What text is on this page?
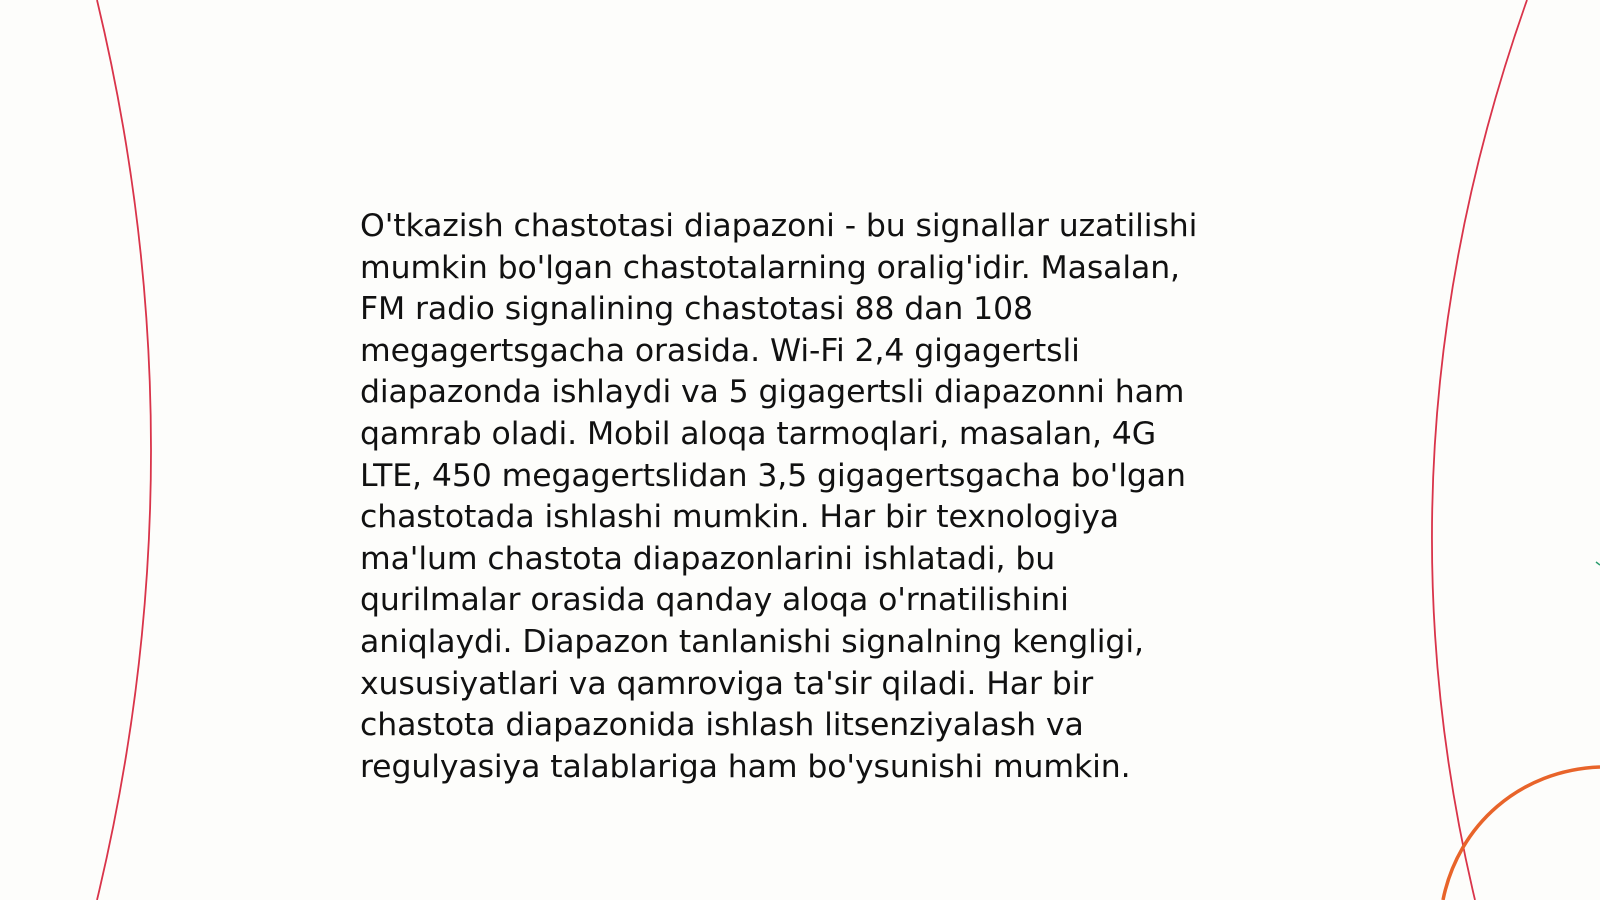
O'tkazish chastotasi diapazoni - bu signallar uzatilishi
mumkin bo'lgan chastotalarning oralig'idir. Masalan,
FM radio signalining chastotasi 88 dan 108
megagertsgacha orasida. Wi-Fi 2,4 gigagertsli
diapazonda ishlaydi va 5 gigagertsli diapazonni ham
qamrab oladi. Mobil aloqa tarmoqlari, masalan, 4G
LTE, 450 megagertslidan 3,5 gigagertsgacha bo'lgan
chastotada ishlashi mumkin. Har bir texnologiya
ma'lum chastota diapazonlarini ishlatadi, bu
qurilmalar orasida qanday aloqa o'rnatilishini
aniqlaydi. Diapazon tanlanishi signalning kengligi,
xususiyatlari va qamroviga ta'sir qiladi. Har bir
chastota diapazonida ishlash litsenziyalash va
regulyasiya talablariga ham bo'ysunishi mumkin.
